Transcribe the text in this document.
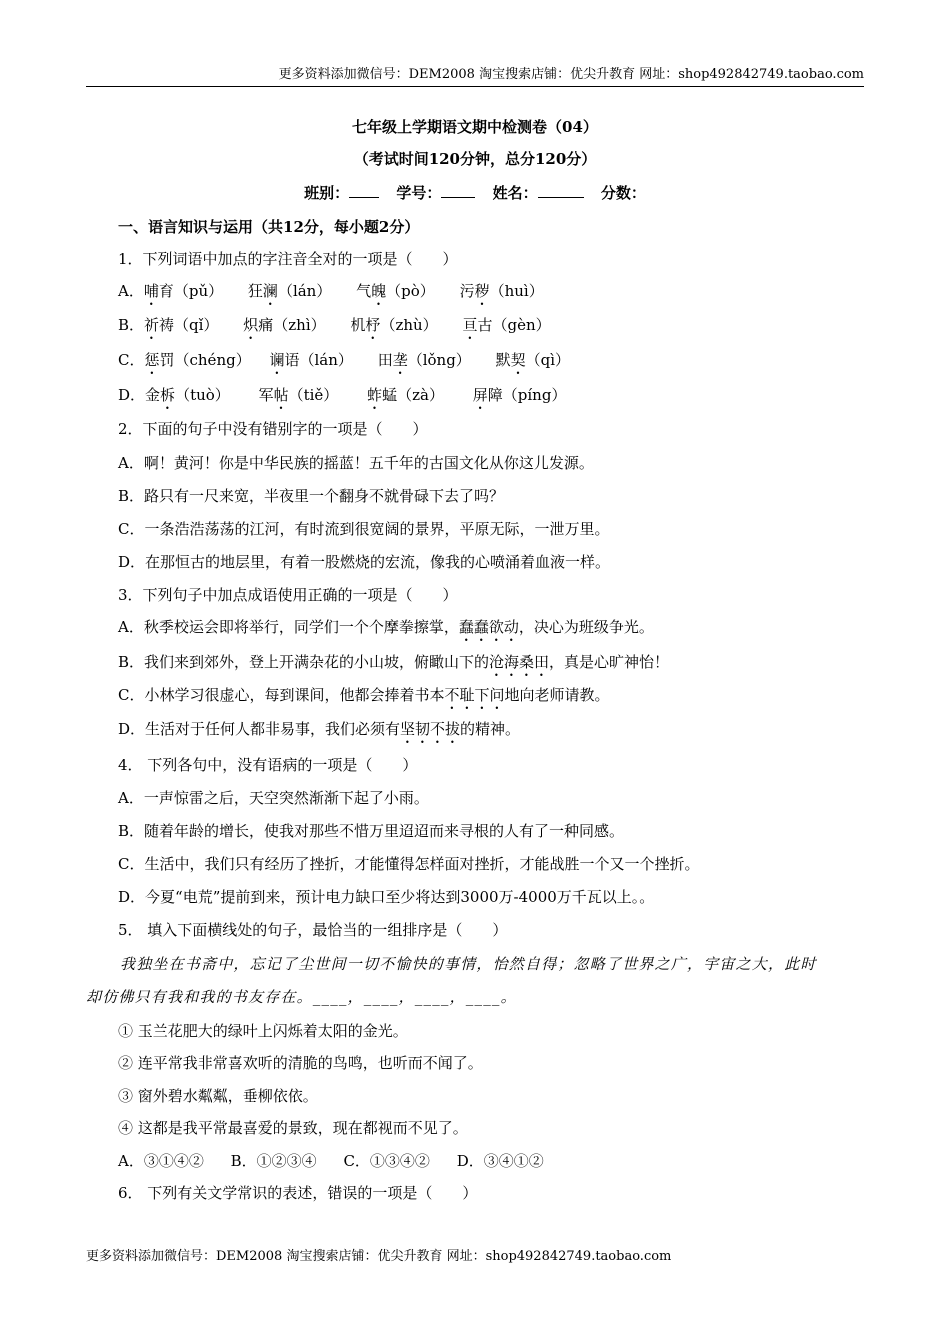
更多资料添加微信号：DEM2008 淘宝搜索店铺：优尖升教育 网址：shop492842749.taobao.com
七年级上学期语文期中检测卷（04）
（考试时间120分钟，总分120分）
班别：	学号：	姓名：	分数：
一、语言知识与运用（共12分，每小题2分）
1．下列词语中加点的字注音全对的一项是（　　）
A．哺育（pǔ） 狂澜（lán） 气魄（pò） 污秽（huì）
B．祈祷（qǐ） 炽痛（zhì） 机杼（zhù） 亘古（gèn）
C．惩罚（chéng） 谰语（lán） 田垄（lǒng） 默契（qì）
D．金柝（tuò） 军帖（tiě） 蚱蜢（zà） 屏障（píng）
2．下面的句子中没有错别字的一项是（　　）
A．啊！黄河！你是中华民族的摇蓝！五千年的古国文化从你这儿发源。
B．路只有一尺来宽，半夜里一个翻身不就骨碌下去了吗？
C．一条浩浩荡荡的江河，有时流到很宽阔的景界，平原无际，一泄万里。
D．在那恒古的地层里，有着一股燃烧的宏流，像我的心喷涌着血液一样。
3．下列句子中加点成语使用正确的一项是（　　）
A．秋季校运会即将举行，同学们一个个摩拳擦掌，蠢蠢欲动，决心为班级争光。
B．我们来到郊外，登上开满杂花的小山坡，俯瞰山下的沧海桑田，真是心旷神怡！
C．小林学习很虚心，每到课间，他都会捧着书本不耻下问地向老师请教。
D．生活对于任何人都非易事，我们必须有坚韧不拔的精神。
4． 下列各句中，没有语病的一项是（　　）
A．一声惊雷之后，天空突然渐渐下起了小雨。
B．随着年龄的增长，使我对那些不惜万里迢迢而来寻根的人有了一种同感。
C．生活中，我们只有经历了挫折，才能懂得怎样面对挫折，才能战胜一个又一个挫折。
D．今夏“电荒”提前到来，预计电力缺口至少将达到3000万-4000万千瓦以上。。
5． 填入下面横线处的句子，最恰当的一组排序是（　　）
我独坐在书斋中，忘记了尘世间一切不愉快的事情，怡然自得；忽略了世界之广，宇宙之大，此时
却仿佛只有我和我的书友存在。____，____，____，____。
① 玉兰花肥大的绿叶上闪烁着太阳的金光。
② 连平常我非常喜欢听的清脆的鸟鸣，也听而不闻了。
③ 窗外碧水粼粼，垂柳依依。
④ 这都是我平常最喜爱的景致，现在都视而不见了。
A．③①④② B．①②③④ C．①③④② D．③④①②
6． 下列有关文学常识的表述，错误的一项是（　　）
更多资料添加微信号：DEM2008 淘宝搜索店铺：优尖升教育 网址：shop492842749.taobao.com
